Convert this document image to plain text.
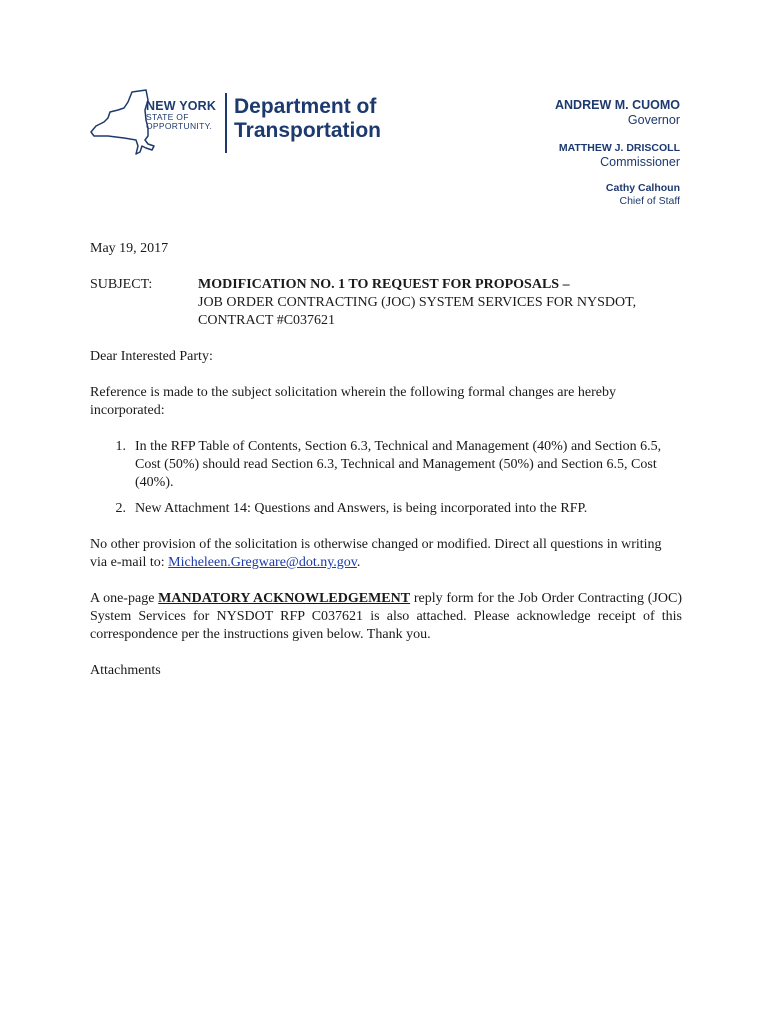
NEW YORK
STATE OF
OPPORTUNITY.
Department of
Transportation
ANDREW M. CUOMO
Governor
MATTHEW J. DRISCOLL
Commissioner
Cathy Calhoun
Chief of Staff

May 19, 2017

SUBJECT:	MODIFICATION NO. 1 TO REQUEST FOR PROPOSALS –
JOB ORDER CONTRACTING (JOC) SYSTEM SERVICES FOR NYSDOT, CONTRACT #C037621

Dear Interested Party:

Reference is made to the subject solicitation wherein the following formal changes are hereby incorporated:

1. In the RFP Table of Contents, Section 6.3, Technical and Management (40%) and Section 6.5, Cost (50%) should read Section 6.3, Technical and Management (50%) and Section 6.5, Cost (40%).
2. New Attachment 14: Questions and Answers, is being incorporated into the RFP.

No other provision of the solicitation is otherwise changed or modified. Direct all questions in writing via e-mail to: Micheleen.Gregware@dot.ny.gov.

A one-page MANDATORY ACKNOWLEDGEMENT reply form for the Job Order Contracting (JOC) System Services for NYSDOT RFP C037621 is also attached. Please acknowledge receipt of this correspondence per the instructions given below. Thank you.

Attachments
